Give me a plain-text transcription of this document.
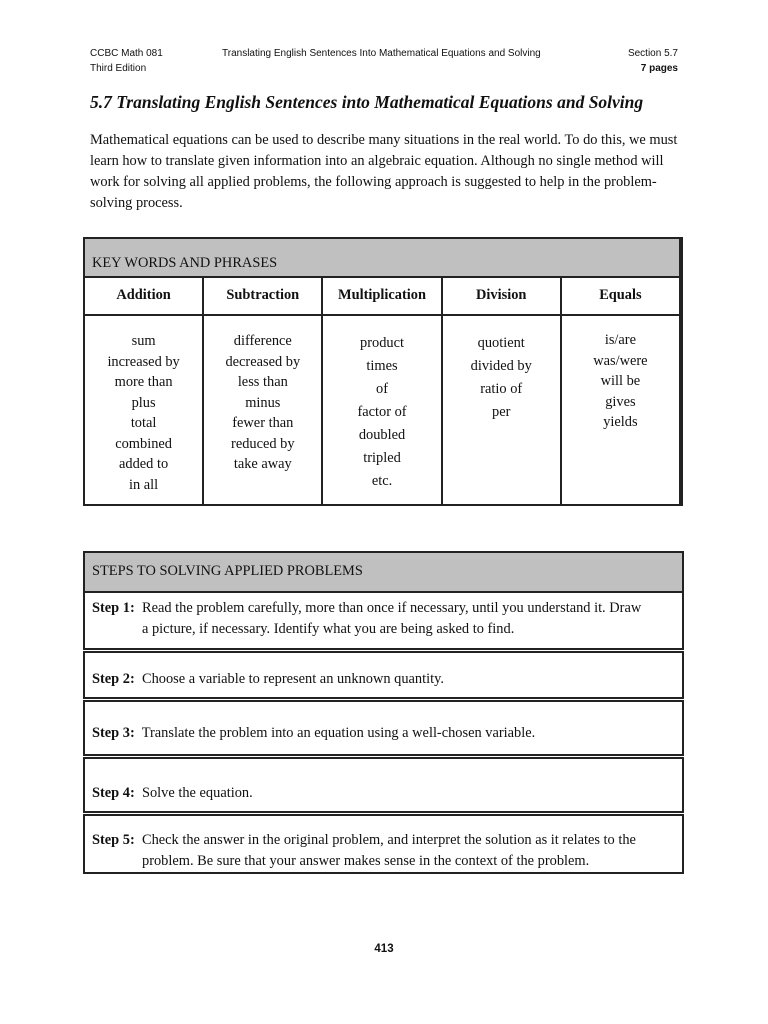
CCBC Math 081
Third Edition
Translating English Sentences Into Mathematical Equations and Solving	Section 5.7
7 pages
5.7 Translating English Sentences into Mathematical Equations and Solving

Mathematical equations can be used to describe many situations in the real world. To do this, we must learn how to translate given information into an algebraic equation. Although no single method will work for solving all applied problems, the following approach is suggested to help in the problem-solving process.

KEY WORDS AND PHRASES
Addition
sum
increased by
more than
plus
total
combined
added to
in all
Subtraction
difference
decreased by
less than
minus
fewer than
reduced by
take away
Multiplication
product
times
of
factor of
doubled
tripled
etc.
Division
quotient
divided by
ratio of
per
Equals
is/are
was/were
will be
gives
yields
STEPS TO SOLVING APPLIED PROBLEMS
Step 1: Read the problem carefully, more than once if necessary, until you understand it. Draw
a picture, if necessary. Identify what you are being asked to find.
Step 2: Choose a variable to represent an unknown quantity.
Step 3: Translate the problem into an equation using a well-chosen variable.
Step 4: Solve the equation.
Step 5: Check the answer in the original problem, and interpret the solution as it relates to the
problem. Be sure that your answer makes sense in the context of the problem.
413
